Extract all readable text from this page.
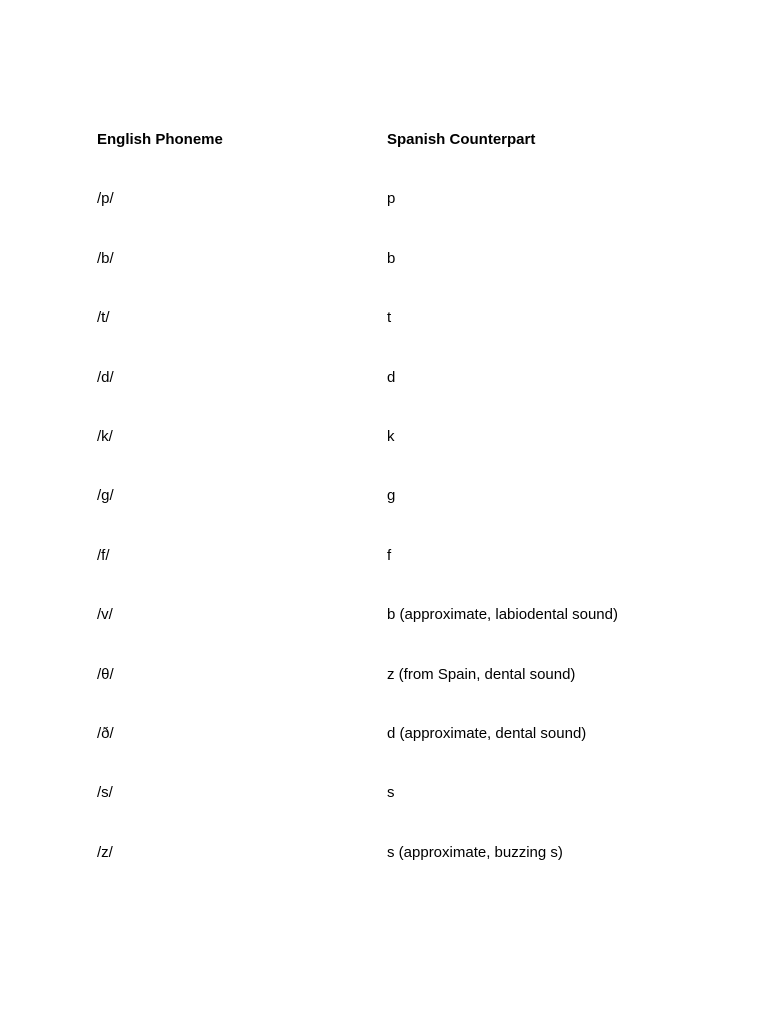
English Phoneme	Spanish Counterpart
/p/	p
/b/	b
/t/	t
/d/	d
/k/	k
/g/	g
/f/	f
/v/	b (approximate, labiodental sound)
/θ/	z (from Spain, dental sound)
/ð/	d (approximate, dental sound)
/s/	s
/z/	s (approximate, buzzing s)
